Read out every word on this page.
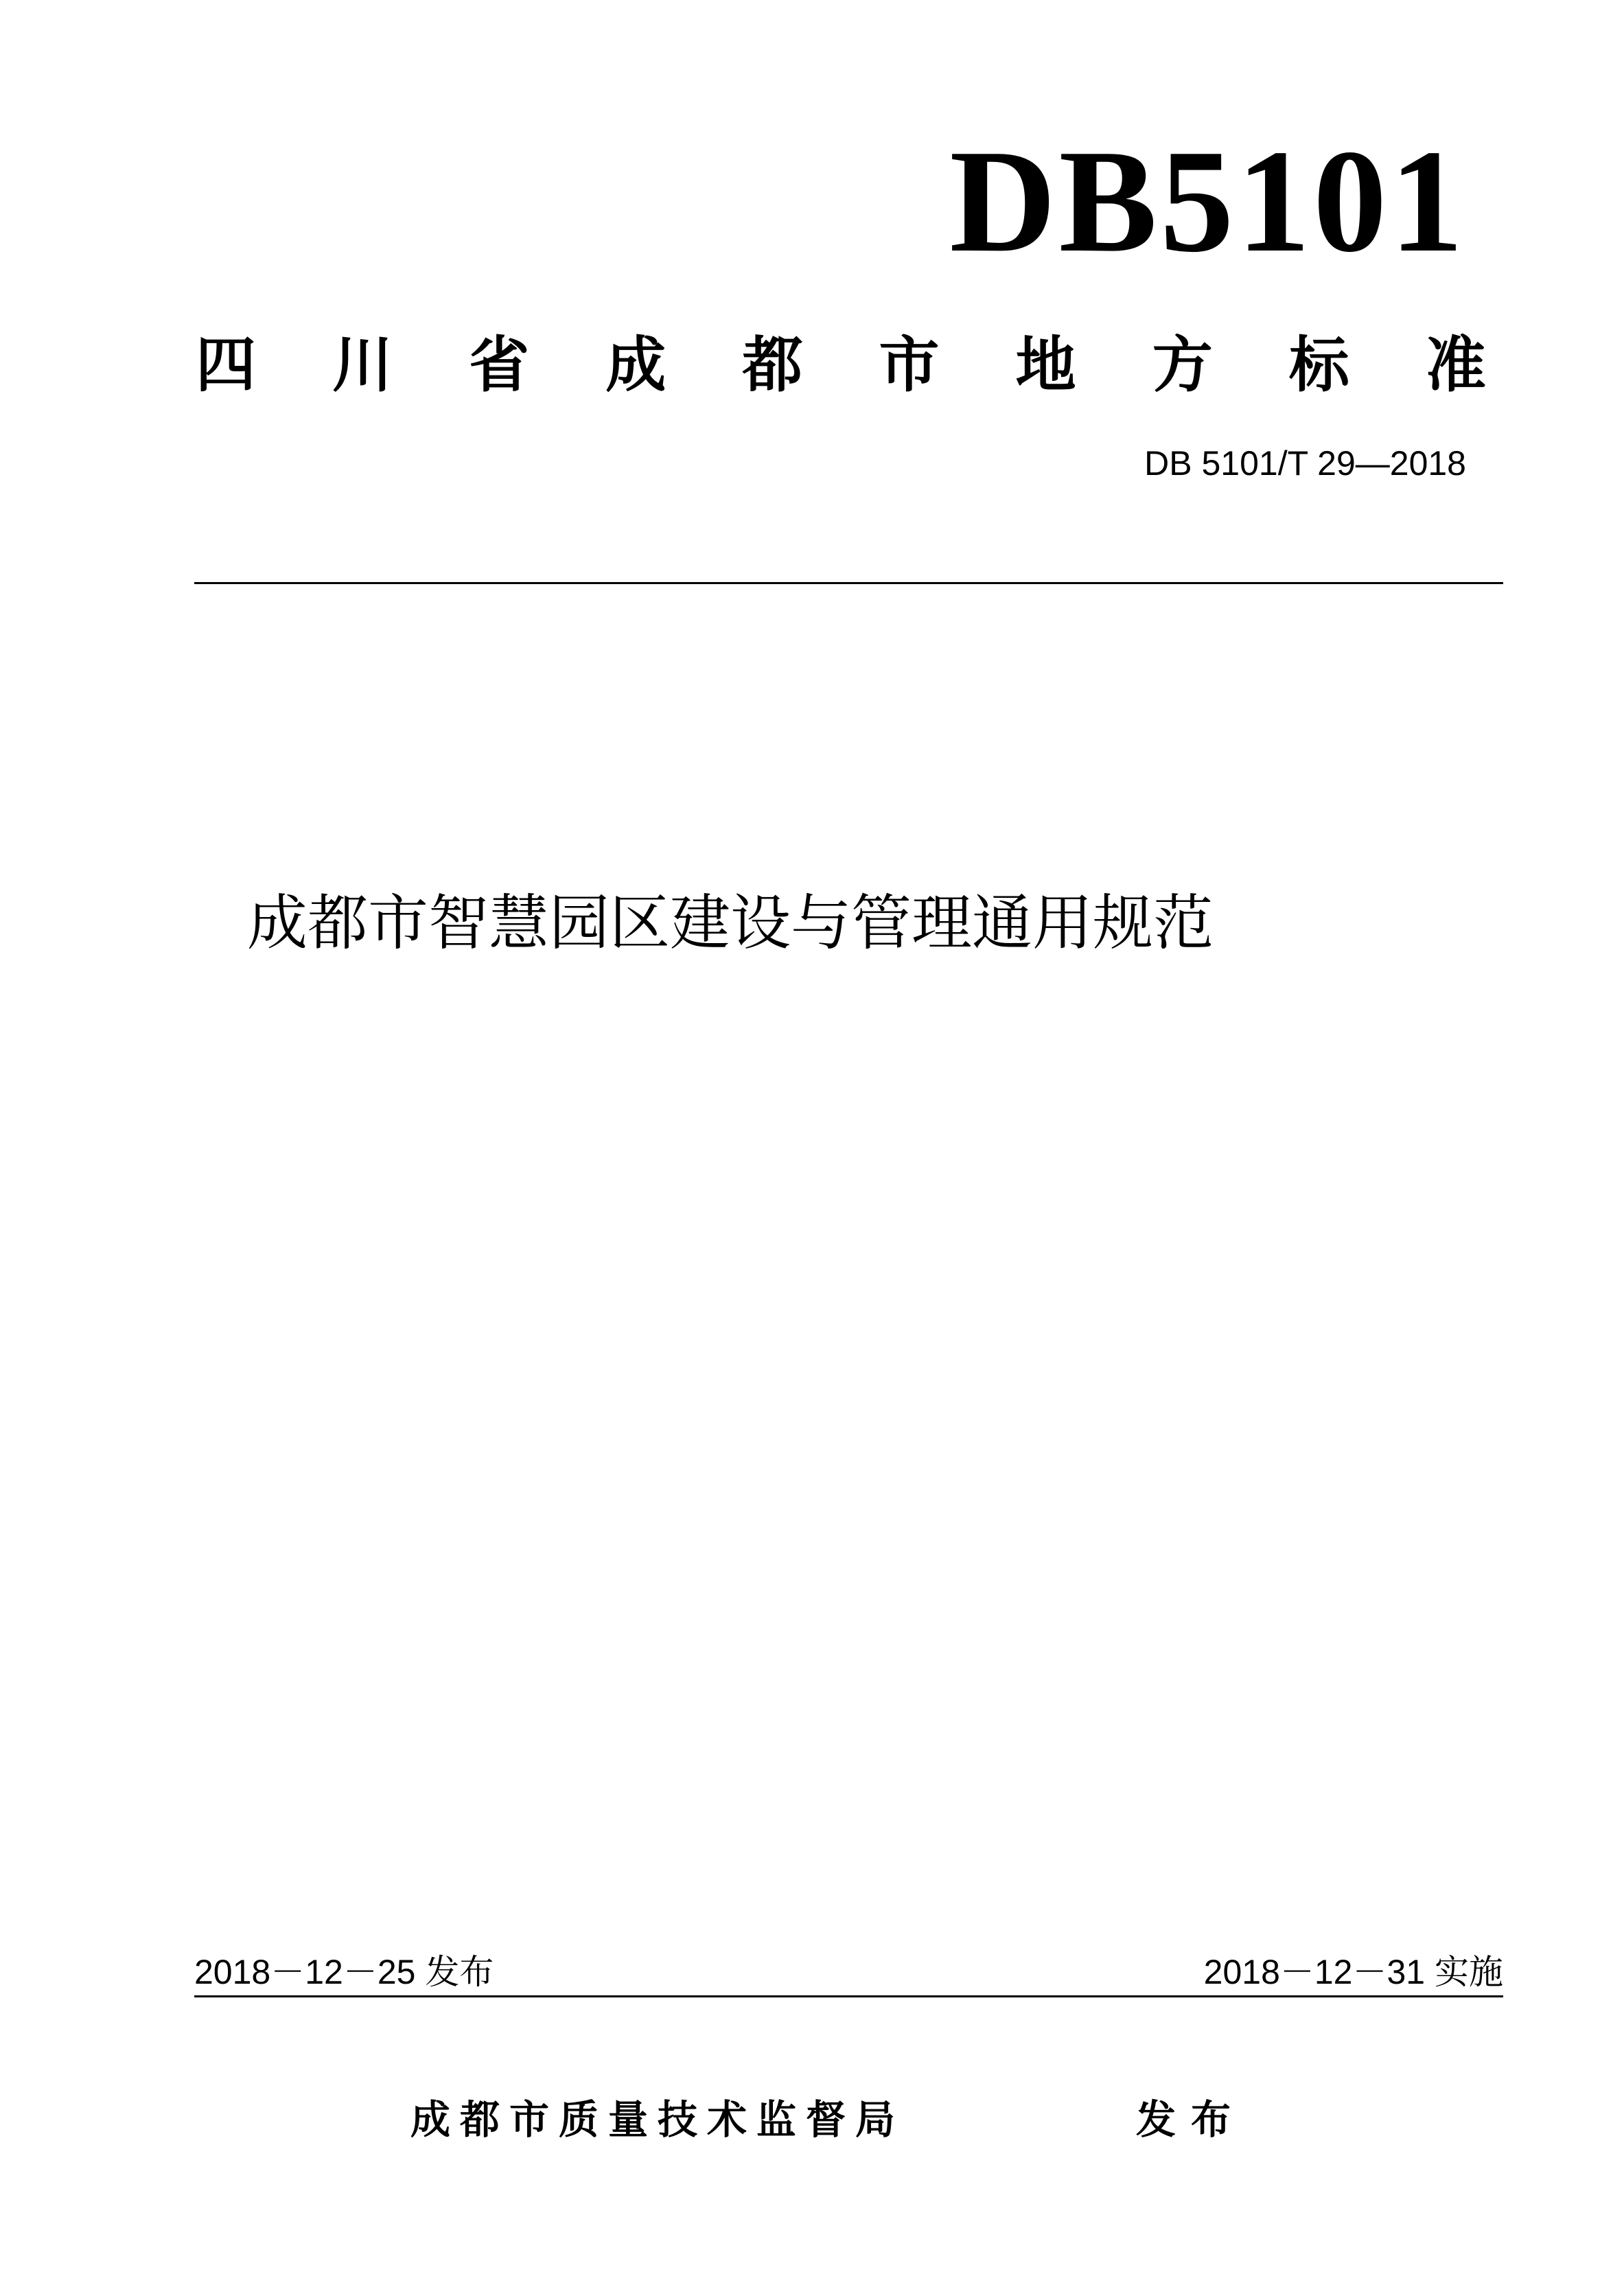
DB5101
四 川 省 成 都 市 地 方 标 准
DB 5101/T 29—2018
成都市智慧园区建设与管理通用规范
2018－12－25 发布	2018－12－31 实施
成都市质量技术监督局	发布
